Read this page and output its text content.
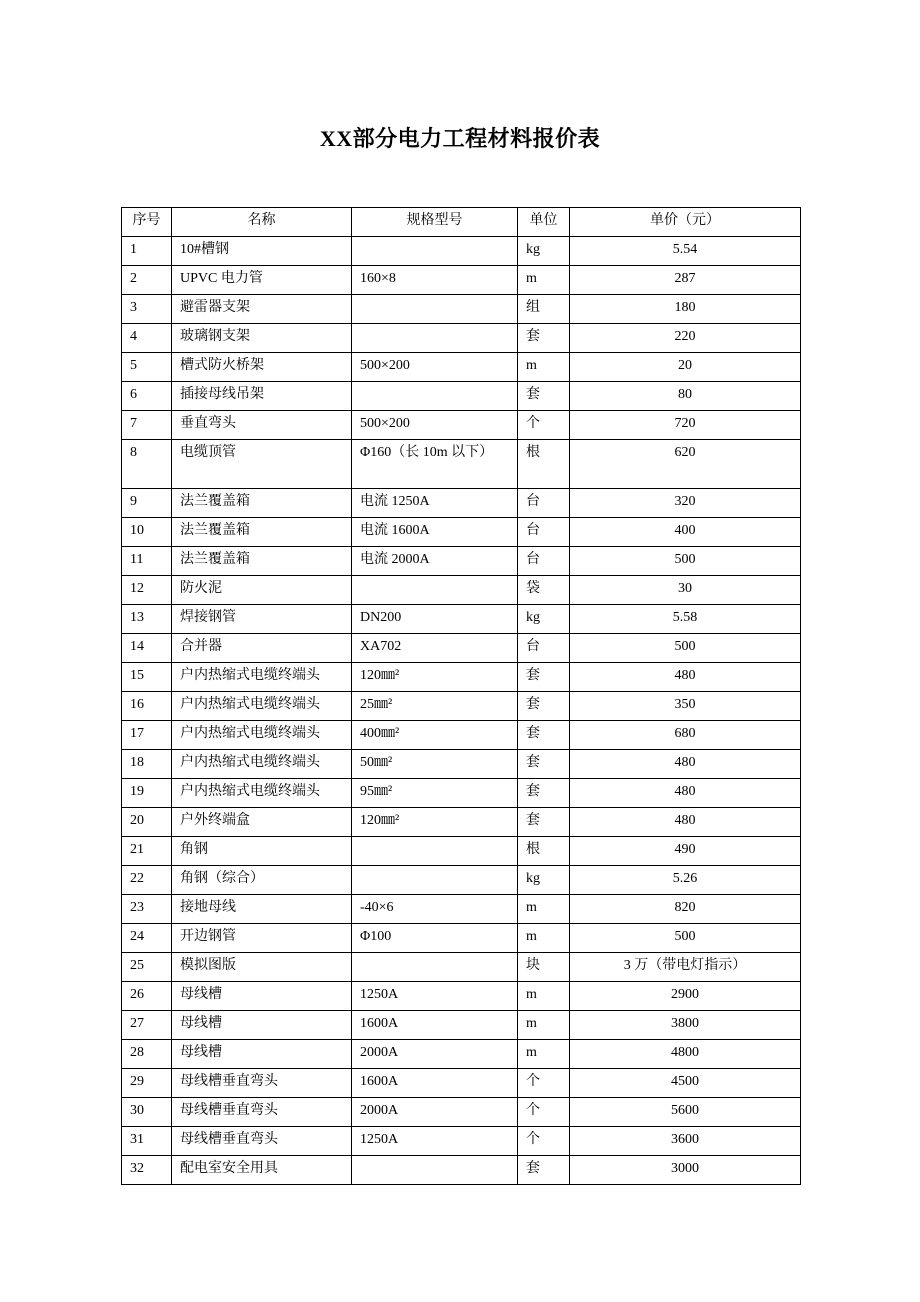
XX部分电力工程材料报价表
序号	名称	规格型号	单位	单价（元）
1	10#槽钢		kg	5.54
2	UPVC 电力管	160×8	m	287
3	避雷器支架		组	180
4	玻璃钢支架		套	220
5	槽式防火桥架	500×200	m	20
6	插接母线吊架		套	80
7	垂直弯头	500×200	个	720
8	电缆顶管	Φ160（长 10m 以下）	根	620
9	法兰覆盖箱	电流 1250A	台	320
10	法兰覆盖箱	电流 1600A	台	400
11	法兰覆盖箱	电流 2000A	台	500
12	防火泥		袋	30
13	焊接钢管	DN200	kg	5.58
14	合并器	XA702	台	500
15	户内热缩式电缆终端头	120㎜²	套	480
16	户内热缩式电缆终端头	25㎜²	套	350
17	户内热缩式电缆终端头	400㎜²	套	680
18	户内热缩式电缆终端头	50㎜²	套	480
19	户内热缩式电缆终端头	95㎜²	套	480
20	户外终端盒	120㎜²	套	480
21	角钢		根	490
22	角钢（综合）		kg	5.26
23	接地母线	-40×6	m	820
24	开边钢管	Φ100	m	500
25	模拟图版		块	3 万（带电灯指示）
26	母线槽	1250A	m	2900
27	母线槽	1600A	m	3800
28	母线槽	2000A	m	4800
29	母线槽垂直弯头	1600A	个	4500
30	母线槽垂直弯头	2000A	个	5600
31	母线槽垂直弯头	1250A	个	3600
32	配电室安全用具		套	3000
